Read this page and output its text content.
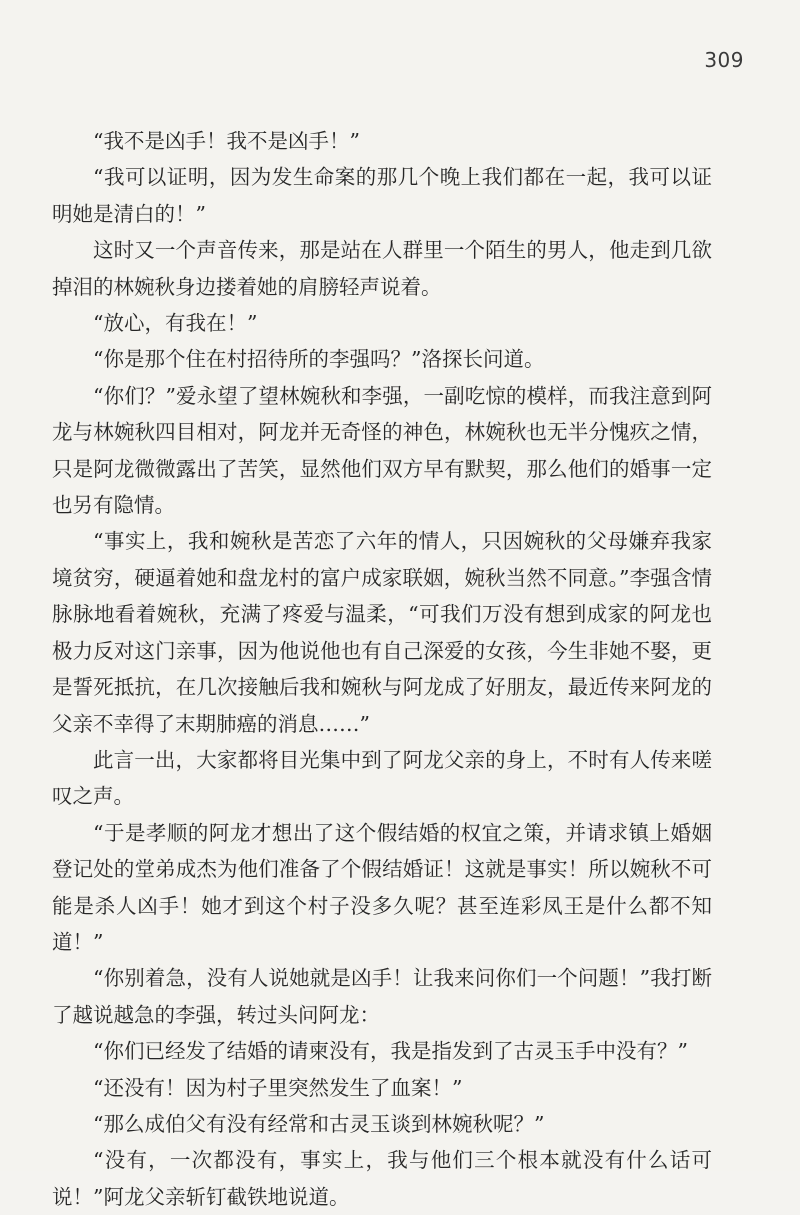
309

“我不是凶手！我不是凶手！”

“我可以证明，因为发生命案的那几个晚上我们都在一起，我可以证明她是清白的！”

这时又一个声音传来，那是站在人群里一个陌生的男人，他走到几欲掉泪的林婉秋身边搂着她的肩膀轻声说着。

“放心，有我在！”

“你是那个住在村招待所的李强吗？”洛探长问道。

“你们？”爱永望了望林婉秋和李强，一副吃惊的模样，而我注意到阿龙与林婉秋四目相对，阿龙并无奇怪的神色，林婉秋也无半分愧疚之情，只是阿龙微微露出了苦笑，显然他们双方早有默契，那么他们的婚事一定也另有隐情。

“事实上，我和婉秋是苦恋了六年的情人，只因婉秋的父母嫌弃我家境贫穷，硬逼着她和盘龙村的富户成家联姻，婉秋当然不同意。”李强含情脉脉地看着婉秋，充满了疼爱与温柔，“可我们万没有想到成家的阿龙也极力反对这门亲事，因为他说他也有自己深爱的女孩，今生非她不娶，更是誓死抵抗，在几次接触后我和婉秋与阿龙成了好朋友，最近传来阿龙的父亲不幸得了末期肺癌的消息……”

此言一出，大家都将目光集中到了阿龙父亲的身上，不时有人传来嗟叹之声。

“于是孝顺的阿龙才想出了这个假结婚的权宜之策，并请求镇上婚姻登记处的堂弟成杰为他们准备了个假结婚证！这就是事实！所以婉秋不可能是杀人凶手！她才到这个村子没多久呢？甚至连彩凤王是什么都不知道！”

“你别着急，没有人说她就是凶手！让我来问你们一个问题！”我打断了越说越急的李强，转过头问阿龙：

“你们已经发了结婚的请柬没有，我是指发到了古灵玉手中没有？”

“还没有！因为村子里突然发生了血案！”

“那么成伯父有没有经常和古灵玉谈到林婉秋呢？”

“没有，一次都没有，事实上，我与他们三个根本就没有什么话可说！”阿龙父亲斩钉截铁地说道。
